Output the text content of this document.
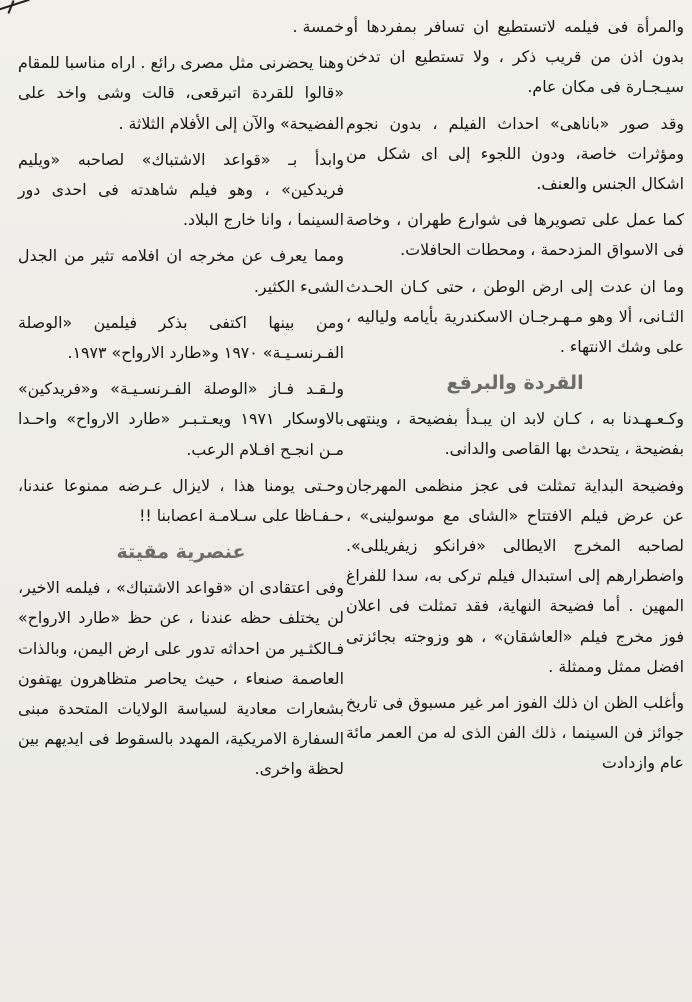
والمرأة فى فيلمه لاتستطيع ان تسافر بمفردها أو بدون اذن من قريب ذكر ، ولا تستطيع ان تدخن سيـجـارة فى مكان عام.

وقد صور «باناهى» احداث الفيلم ، بدون نجوم ومؤثرات خاصة، ودون اللجوء إلى اى شكل من اشكال الجنس والعنف.

كما عمل على تصويرها فى شوارع طهران ، وخاصة فى الاسواق المزدحمة ، ومحطات الحافلات.

وما ان عدت إلى ارض الوطن ، حتى كـان الحـدث الثـانى، ألا وهو مـهـرجـان الاسكندرية بأيامه ولياليه ، على وشك الانتهاء .

القردة والبرقع

وكـعـهـدنا به ، كـان لابد ان يبـدأ بفضيحة ، وينتهى بفضيحة ، يتحدث بها القاصى والدانى.

وفضيحة البداية تمثلت فى عجز منظمى المهرجان عن عرض فيلم الافتتاح «الشاى مع موسولينى» ، لصاحبه المخرج الايطالى «فرانكو زيفريللى». واضطرارهم إلى استبدال فيلم تركى به، سدا للفراغ المهين . أما فضيحة النهاية، فقد تمثلت فى اعلان فوز مخرج فيلم «العاشقان» ، هو وزوجته بجائزتى افضل ممثل وممثلة .

وأغلب الظن ان ذلك الفوز امر غير مسبوق فى تاريخ جوائز فن السينما ، ذلك الفن الذى له من العمر مائة عام وازدادت

خمسة .

وهنا يحضرنى مثل مصرى رائع . اراه مناسبا للمقام «قالوا للقردة اتبرقعى، قالت وشى واخد على الفضيحة» والآن إلى الأفلام الثلاثة .

وابدأ بـ «قواعد الاشتباك» لصاحبه «ويليم فريدكين» ، وهو فيلم شاهدته فى احدى دور السينما ، وانا خارج البلاد.

ومما يعرف عن مخرجه ان افلامه تثير من الجدل الشىء الكثير.

ومن بينها اكتفى بذكر فيلمين «الوصلة الفـرنسـيـة» ١٩٧٠ و«طارد الارواح» ١٩٧٣.

ولـقـد فـاز «الوصلة الفـرنسـيـة» و«فريدكين» بالاوسكار ١٩٧١ ويعـتـبـر «طارد الارواح» واحـدا مـن انجـح افـلام الرعب.

وحـتى يومنا هذا ، لايزال عـرضه ممنوعا عندنا، حـفـاظا على سـلامـة اعصابنا !!

عنصرية مقيتة

وفى اعتقادى ان «قواعد الاشتباك» ، فيلمه الاخير، لن يختلف حظه عندنا ، عن حظ «طارد الارواح» فـالكثـير من احداثه تدور على ارض اليمن، وبالذات العاصمة صنعاء ، حيث يحاصر متظاهرون يهتفون بشعارات معادية لسياسة الولايات المتحدة مبنى السفارة الامريكية، المهدد بالسقوط فى ايديهم بين لحظة واخرى.
